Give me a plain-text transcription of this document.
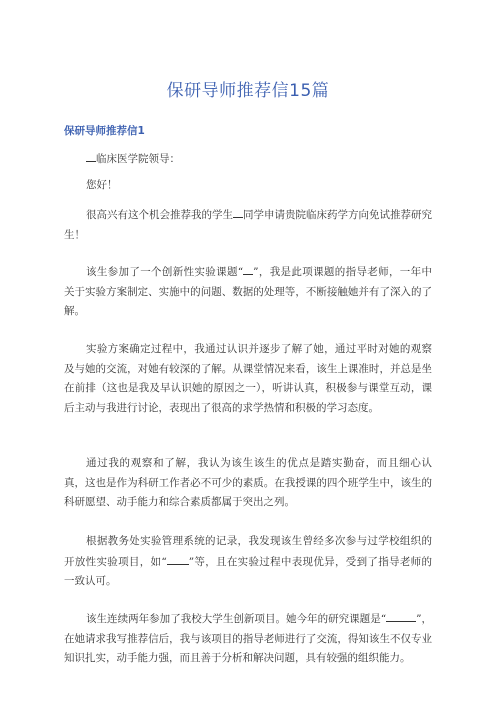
保研导师推荐信15篇
保研导师推荐信1

临床医学院领导：

您好！

很高兴有这个机会推荐我的学生 同学申请贵院临床药学方向免试推荐研究生！

该生参加了一个创新性实验课题“ ”，我是此项课题的指导老师，一年中关于实验方案制定、实施中的问题、数据的处理等，不断接触她并有了深入的了解。

实验方案确定过程中，我通过认识并逐步了解了她，通过平时对她的观察及与她的交流，对她有较深的了解。从课堂情况来看，该生上课准时，并总是坐在前排（这也是我及早认识她的原因之一），听讲认真，积极参与课堂互动，课后主动与我进行讨论，表现出了很高的求学热情和积极的学习态度。

通过我的观察和了解，我认为该生该生的优点是踏实勤奋，而且细心认真，这也是作为科研工作者必不可少的素质。在我授课的四个班学生中，该生的科研愿望、动手能力和综合素质都属于突出之列。

根据教务处实验管理系统的记录，我发现该生曾经多次参与过学校组织的开放性实验项目，如“ ”等，且在实验过程中表现优异，受到了指导老师的一致认可。

该生连续两年参加了我校大学生创新项目。她今年的研究课题是“	”，在她请求我写推荐信后，我与该项目的指导老师进行了交流，得知该生不仅专业知识扎实，动手能力强，而且善于分析和解决问题，具有较强的组织能力。
